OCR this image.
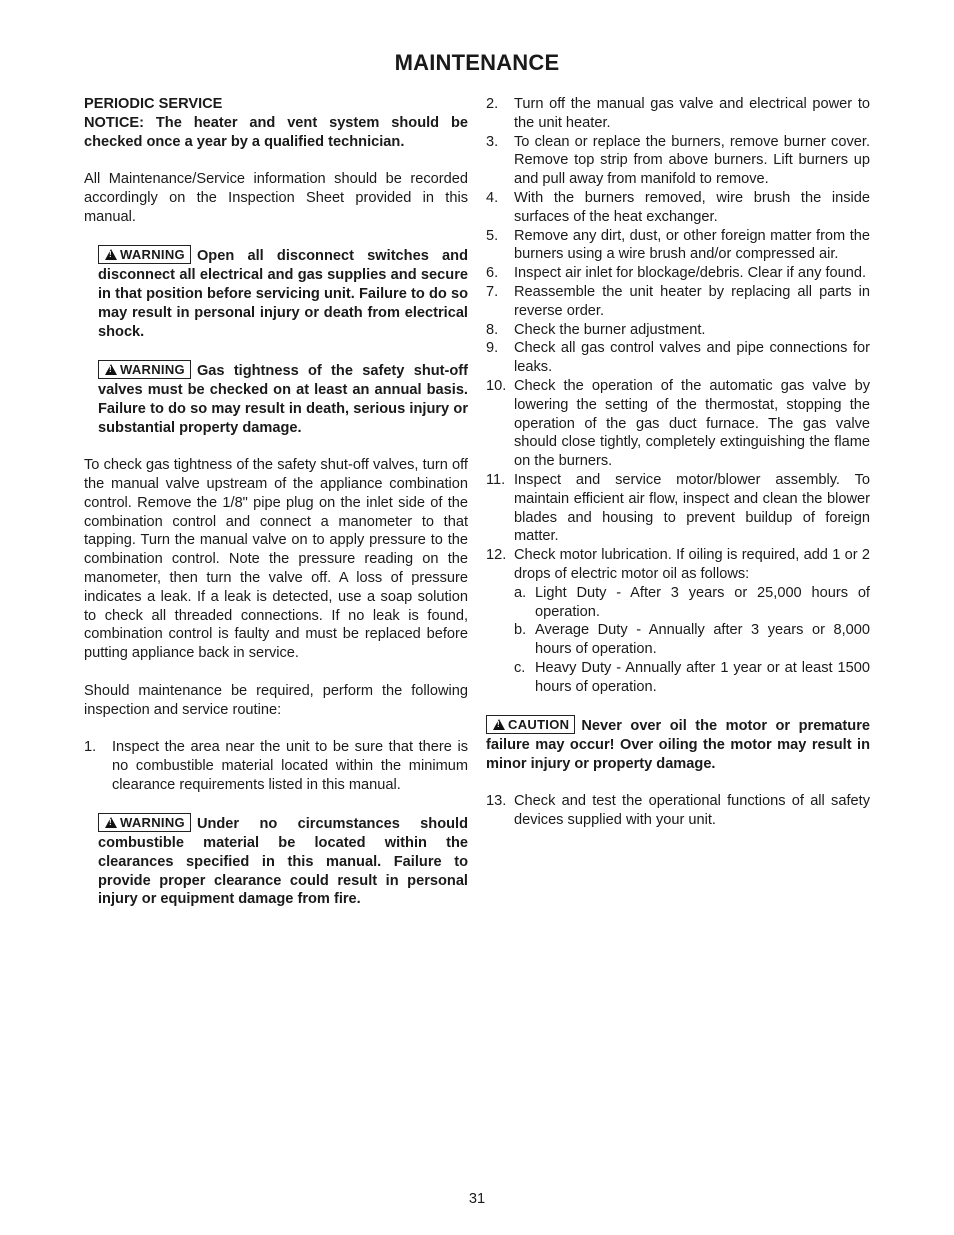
MAINTENANCE

PERIODIC SERVICE

NOTICE: The heater and vent system should be checked once a year by a qualified technician.

All Maintenance/Service information should be recorded accordingly on the Inspection Sheet provided in this manual.

!WARNING Open all disconnect switches and disconnect all electrical and gas supplies and secure in that position before servicing unit. Failure to do so may result in personal injury or death from electrical shock.

!WARNING Gas tightness of the safety shut-off valves must be checked on at least an annual basis. Failure to do so may result in death, serious injury or substantial property damage.

To check gas tightness of the safety shut-off valves, turn off the manual valve upstream of the appliance combination control. Remove the 1/8" pipe plug on the inlet side of the combination control and connect a manometer to that tapping. Turn the manual valve on to apply pressure to the combination control. Note the pressure reading on the manometer, then turn the valve off. A loss of pressure indicates a leak. If a leak is detected, use a soap solution to check all threaded connections. If no leak is found, combination control is faulty and must be replaced before putting appliance back in service.

Should maintenance be required, perform the following inspection and service routine:

1.	Inspect the area near the unit to be sure that there is no combustible material located within the minimum clearance requirements listed in this manual.

!WARNING Under no circumstances should combustible material be located within the clearances specified in this manual. Failure to provide proper clearance could result in personal injury or equipment damage from fire.

2.	Turn off the manual gas valve and electrical power to the unit heater.
3.	To clean or replace the burners, remove burner cover. Remove top strip from above burners. Lift burners up and pull away from manifold to remove.
4.	With the burners removed, wire brush the inside surfaces of the heat exchanger.
5.	Remove any dirt, dust, or other foreign matter from the burners using a wire brush and/or compressed air.
6.	Inspect air inlet for blockage/debris. Clear if any found.
7.	Reassemble the unit heater by replacing all parts in reverse order.
8.	Check the burner adjustment.
9.	Check all gas control valves and pipe connections for leaks.
10. Check the operation of the automatic gas valve by lowering the setting of the thermostat, stopping the operation of the gas duct furnace. The gas valve should close tightly, completely extinguishing the flame on the burners.
11. Inspect and service motor/blower assembly. To maintain efficient air flow, inspect and clean the blower blades and housing to prevent buildup of foreign matter.
12. Check motor lubrication. If oiling is required, add 1 or 2 drops of electric motor oil as follows:
a. Light Duty - After 3 years or 25,000 hours of operation.
b. Average Duty - Annually after 3 years or 8,000 hours of operation.
c. Heavy Duty - Annually after 1 year or at least 1500 hours of operation.

!CAUTION Never over oil the motor or premature failure may occur! Over oiling the motor may result in minor injury or property damage.

13. Check and test the operational functions of all safety devices supplied with your unit.
31
